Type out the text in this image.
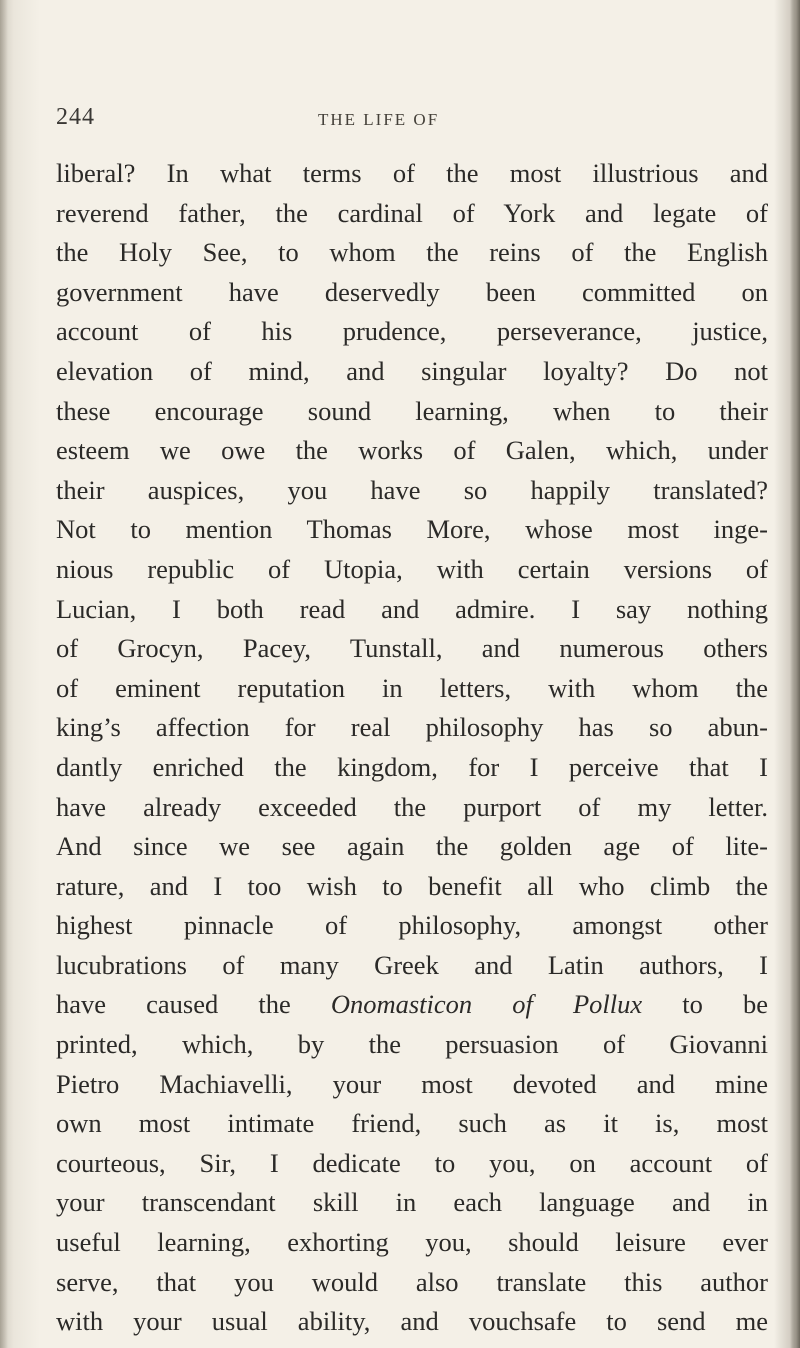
244	THE LIFE OF
liberal? In what terms of the most illustrious and
reverend father, the cardinal of York and legate of
the Holy See, to whom the reins of the English
government have deservedly been committed on
account of his prudence, perseverance, justice,
elevation of mind, and singular loyalty? Do not
these encourage sound learning, when to their
esteem we owe the works of Galen, which, under
their auspices, you have so happily translated?
Not to mention Thomas More, whose most inge-
nious republic of Utopia, with certain versions of
Lucian, I both read and admire. I say nothing
of Grocyn, Pacey, Tunstall, and numerous others
of eminent reputation in letters, with whom the
king’s affection for real philosophy has so abun-
dantly enriched the kingdom, for I perceive that I
have already exceeded the purport of my letter.
And since we see again the golden age of lite-
rature, and I too wish to benefit all who climb the
highest pinnacle of philosophy, amongst other
lucubrations of many Greek and Latin authors, I
have caused the Onomasticon of Pollux to be
printed, which, by the persuasion of Giovanni
Pietro Machiavelli, your most devoted and mine
own most intimate friend, such as it is, most
courteous, Sir, I dedicate to you, on account of
your transcendant skill in each language and in
useful learning, exhorting you, should leisure ever
serve, that you would also translate this author
with your usual ability, and vouchsafe to send me
